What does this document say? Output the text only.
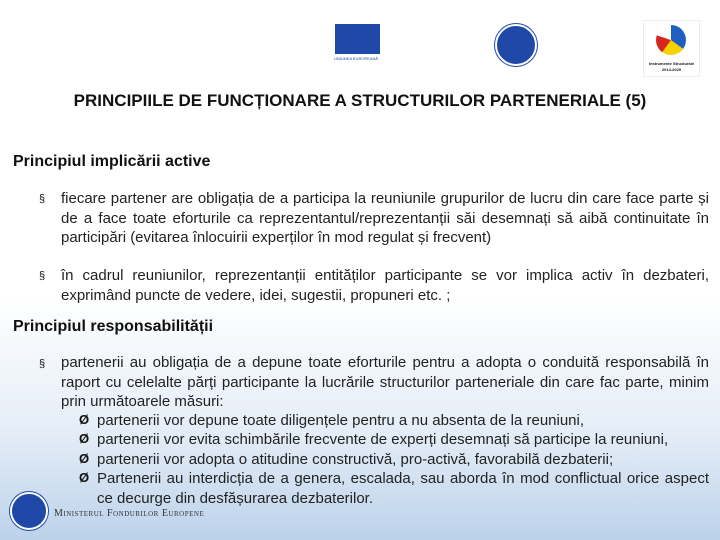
UNIUNEA EUROPEANĂ
Instrumente Structurale
2014-2020
PRINCIPIILE DE FUNCȚIONARE A STRUCTURILOR PARTENERIALE (5)
Principiul implicării active
§ fiecare partener are obligația de a participa la reuniunile grupurilor de lucru din care face parte și de a face toate eforturile ca reprezentantul/reprezentanții săi desemnați să aibă continuitate în participări (evitarea înlocuirii experților în mod regulat și frecvent)
§ în cadrul reuniunilor, reprezentanții entităților participante se vor implica activ în dezbateri, exprimând puncte de vedere, idei, sugestii, propuneri etc. ;
Principiul responsabilității
§ partenerii au obligația de a depune toate eforturile pentru a adopta o conduită responsabilă în raport cu celelalte părți participante la lucrările structurilor parteneriale din care fac parte, minim prin următoarele măsuri:
Ø partenerii vor depune toate diligențele pentru a nu absenta de la reuniuni,
Ø partenerii vor evita schimbările frecvente de experți desemnați să participe la reuniuni,
Ø partenerii vor adopta o atitudine constructivă, pro-activă, favorabilă dezbaterii;
Ø Partenerii au interdicția de a genera, escalada, sau aborda în mod conflictual orice aspect ce decurge din desfășurarea dezbaterilor.
Ministerul Fondurilor Europene
